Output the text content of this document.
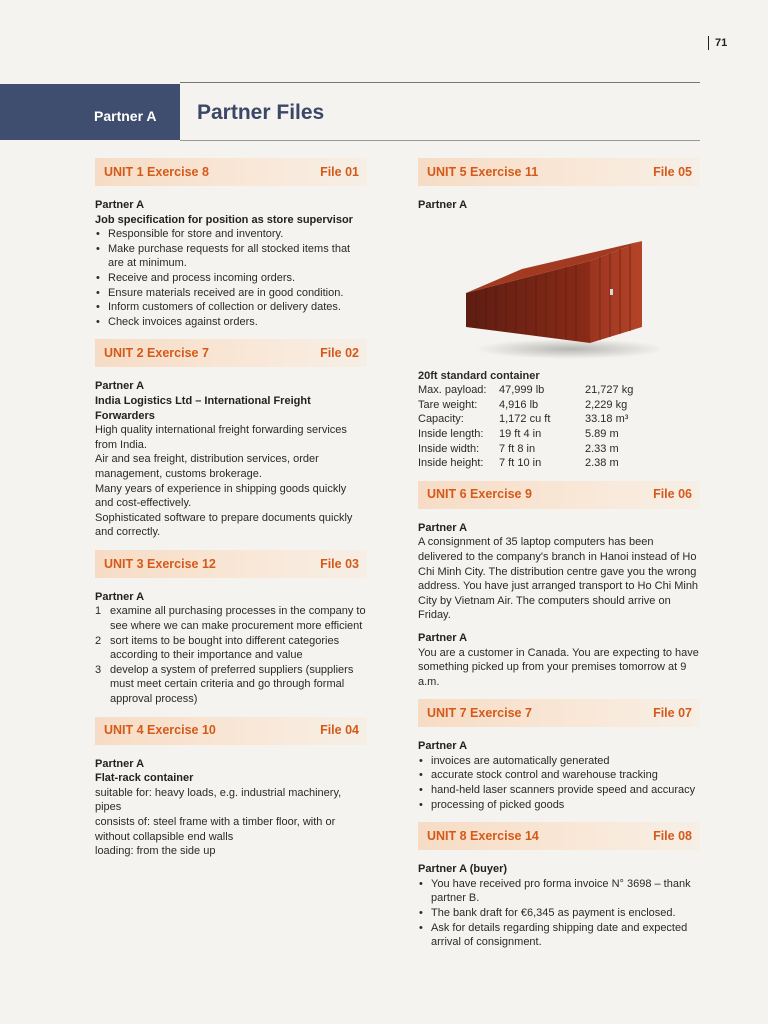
71
Partner A Partner Files
UNIT 1 Exercise 8	File 01
Partner A
Job specification for position as store supervisor
• Responsible for store and inventory.
• Make purchase requests for all stocked items that are at minimum.
• Receive and process incoming orders.
• Ensure materials received are in good condition.
• Inform customers of collection or delivery dates.
• Check invoices against orders.
UNIT 2 Exercise 7	File 02
Partner A
India Logistics Ltd – International Freight Forwarders

High quality international freight forwarding services from India.

Air and sea freight, distribution services, order management, customs brokerage.

Many years of experience in shipping goods quickly and cost-effectively.

Sophisticated software to prepare documents quickly and correctly.

UNIT 3 Exercise 12	File 03
Partner A
1 examine all purchasing processes in the company to see where we can make procurement more efficient
2 sort items to be bought into different categories according to their importance and value
3 develop a system of preferred suppliers (suppliers must meet certain criteria and go through formal approval process)
UNIT 4 Exercise 10	File 04
Partner A
Flat-rack container

suitable for: heavy loads, e.g. industrial machinery, pipes

consists of: steel frame with a timber floor, with or without collapsible end walls

loading: from the side up

UNIT 5 Exercise 11	File 05
Partner A
20ft standard container
Max. payload:	47,999 lb	21,727 kg
Tare weight:	4,916 lb	2,229 kg
Capacity:	1,172 cu ft	33.18 m³
Inside length:	19 ft 4 in	5.89 m
Inside width:	7 ft 8 in	2.33 m
Inside height:	7 ft 10 in	2.38 m
UNIT 6 Exercise 9	File 06
Partner A

A consignment of 35 laptop computers has been delivered to the company's branch in Hanoi instead of Ho Chi Minh City. The distribution centre gave you the wrong address. You have just arranged transport to Ho Chi Minh City by Vietnam Air. The computers should arrive on Friday.

Partner A

You are a customer in Canada. You are expecting to have something picked up from your premises tomorrow at 9 a.m.

UNIT 7 Exercise 7	File 07
Partner A
• invoices are automatically generated
• accurate stock control and warehouse tracking
• hand-held laser scanners provide speed and accuracy
• processing of picked goods
UNIT 8 Exercise 14	File 08
Partner A (buyer)
• You have received pro forma invoice N° 3698 – thank partner B.
• The bank draft for €6,345 as payment is enclosed.
• Ask for details regarding shipping date and expected arrival of consignment.
